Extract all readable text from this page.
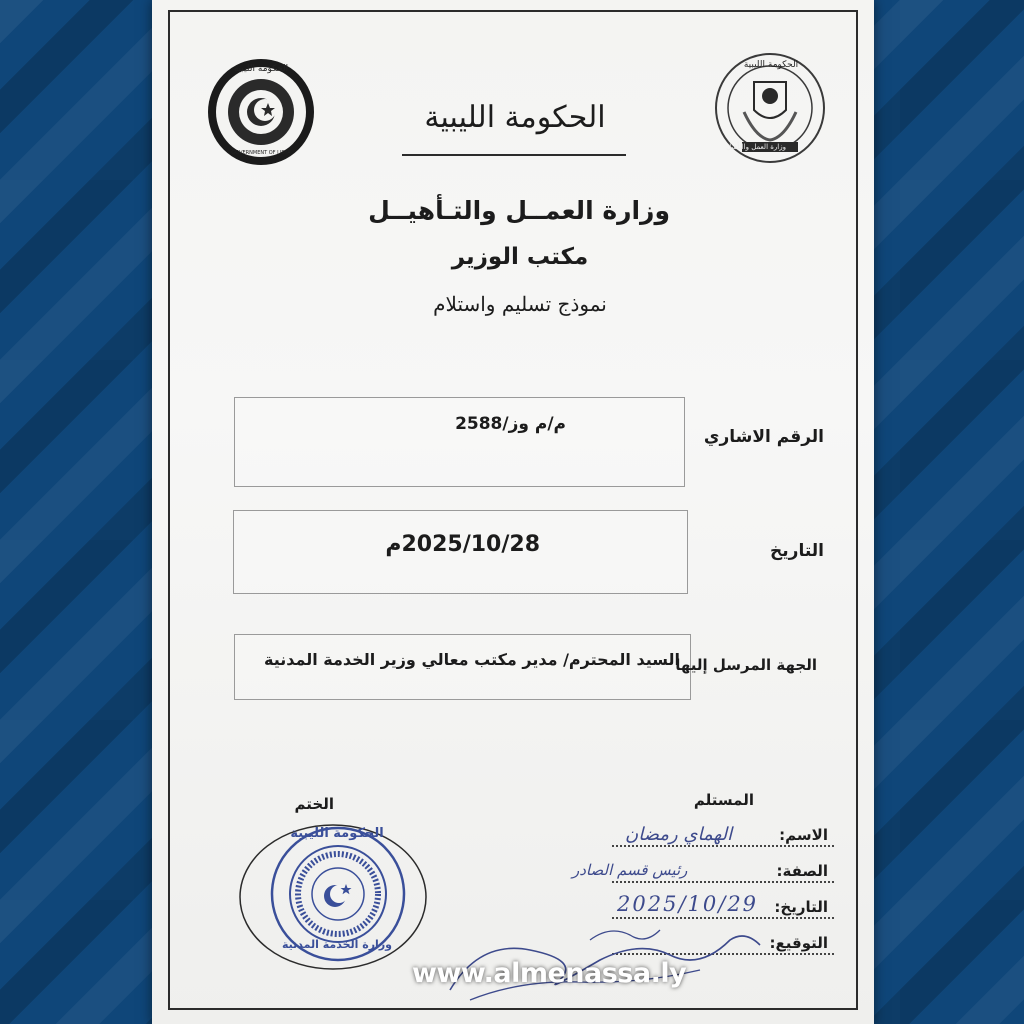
الحكومة الليبية
GOVERNMENT OF LIBYA
الحكومة الليبية
وزارة العمل والتأهيل
الحكومة الليبية
وزارة العمــل والتـأهيــل
مكتب الوزير
نموذج تسليم واستلام
م/م وز/2588
الرقم الاشاري
2025/10/28م	التاريخ
السيد المحترم/ مدير مكتب معالي وزير الخدمة المدنية
الجهة المرسل إليها
المستلم
الختم
الاسم:
الهماي رمضان
الصفة:
رئيس قسم الصادر
التاريخ:
2025/10/29
التوقيع:
الحكومة الليبية
وزارة الخدمة المدنية
www.almenassa.ly
